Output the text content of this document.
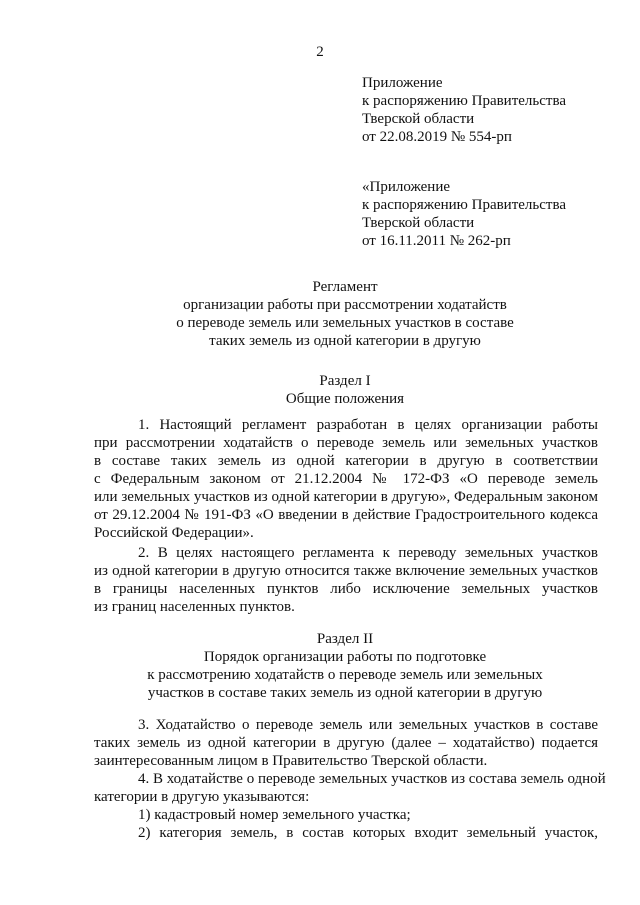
2
Приложение
к распоряжению Правительства
Тверской области
от 22.08.2019 № 554-рп
«Приложение
к распоряжению Правительства
Тверской области
от 16.11.2011 № 262-рп
Регламент
организации работы при рассмотрении ходатайств
о переводе земель или земельных участков в составе
таких земель из одной категории в другую
Раздел I
Общие положения
1. Настоящий регламент разработан в целях организации работы
при рассмотрении ходатайств о переводе земель или земельных участков
в составе таких земель из одной категории в другую в соответствии
с Федеральным законом от 21.12.2004 № 172-ФЗ «О переводе земель
или земельных участков из одной категории в другую», Федеральным законом
от 29.12.2004 № 191-ФЗ «О введении в действие Градостроительного кодекса
Российской Федерации».
2. В целях настоящего регламента к переводу земельных участков
из одной категории в другую относится также включение земельных участков
в границы населенных пунктов либо исключение земельных участков
из границ населенных пунктов.
Раздел II
Порядок организации работы по подготовке
к рассмотрению ходатайств о переводе земель или земельных
участков в составе таких земель из одной категории в другую
3. Ходатайство о переводе земель или земельных участков в составе
таких земель из одной категории в другую (далее – ходатайство) подается
заинтересованным лицом в Правительство Тверской области.
4. В ходатайстве о переводе земельных участков из состава земель одной
категории в другую указываются:
1) кадастровый номер земельного участка;
2) категория земель, в состав которых входит земельный участок,
